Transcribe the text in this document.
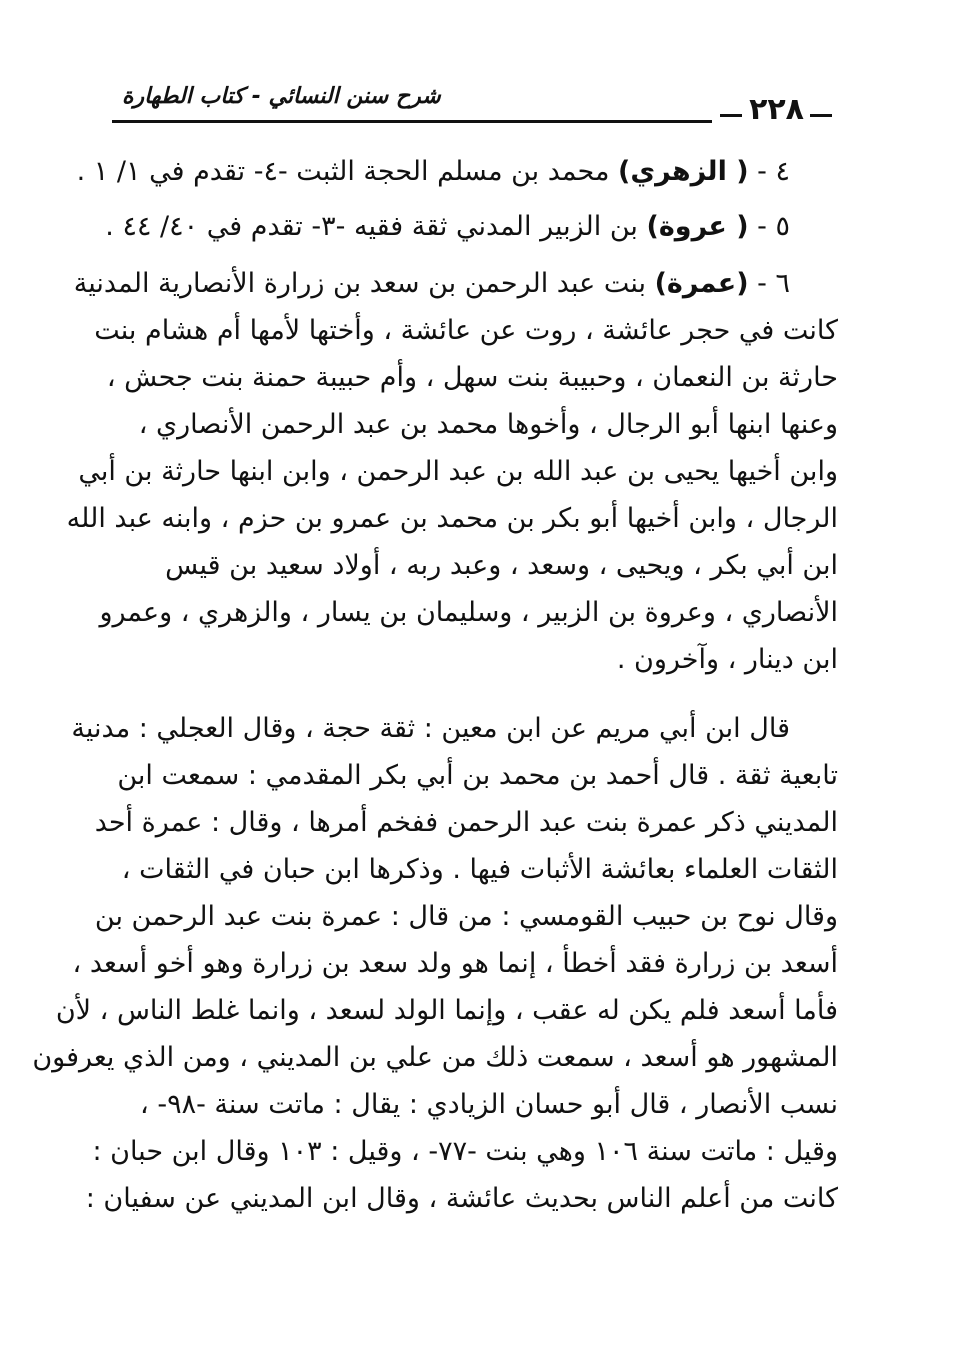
٢٢٨
شرح سنن النسائي - كتاب الطهارة
٤ - ( الزهري) محمد بن مسلم الحجة الثبت -٤- تقدم في ١/ ١ .
٥ - ( عروة) بن الزبير المدني ثقة فقيه -٣- تقدم في ٤٠/ ٤٤ .
٦ - (عمرة) بنت عبد الرحمن بن سعد بن زرارة الأنصارية المدنية
كانت في حجر عائشة ، روت عن عائشة ، وأختها لأمها أم هشام بنت
حارثة بن النعمان ، وحبيبة بنت سهل ، وأم حبيبة حمنة بنت جحش ،
وعنها ابنها أبو الرجال ، وأخوها محمد بن عبد الرحمن الأنصاري ،
وابن أخيها يحيى بن عبد الله بن عبد الرحمن ، وابن ابنها حارثة بن أبي
الرجال ، وابن أخيها أبو بكر بن محمد بن عمرو بن حزم ، وابنه عبد الله
ابن أبي بكر ، ويحيى ، وسعد ، وعبد ربه ، أولاد سعيد بن قيس
الأنصاري ، وعروة بن الزبير ، وسليمان بن يسار ، والزهري ، وعمرو
ابن دينار ، وآخرون .
قال ابن أبي مريم عن ابن معين : ثقة حجة ، وقال العجلي : مدنية
تابعية ثقة . قال أحمد بن محمد بن أبي بكر المقدمي : سمعت ابن
المديني ذكر عمرة بنت عبد الرحمن ففخم أمرها ، وقال : عمرة أحد
الثقات العلماء بعائشة الأثبات فيها . وذكرها ابن حبان في الثقات ،
وقال نوح بن حبيب القومسي : من قال : عمرة بنت عبد الرحمن بن
أسعد بن زرارة فقد أخطأ ، إنما هو ولد سعد بن زرارة وهو أخو أسعد ،
فأما أسعد فلم يكن له عقب ، وإنما الولد لسعد ، وانما غلط الناس ، لأن
المشهور هو أسعد ، سمعت ذلك من علي بن المديني ، ومن الذي يعرفون
نسب الأنصار ، قال أبو حسان الزيادي : يقال : ماتت سنة -٩٨- ،
وقيل : ماتت سنة ١٠٦ وهي بنت -٧٧- ، وقيل : ١٠٣ وقال ابن حبان :
كانت من أعلم الناس بحديث عائشة ، وقال ابن المديني عن سفيان :
